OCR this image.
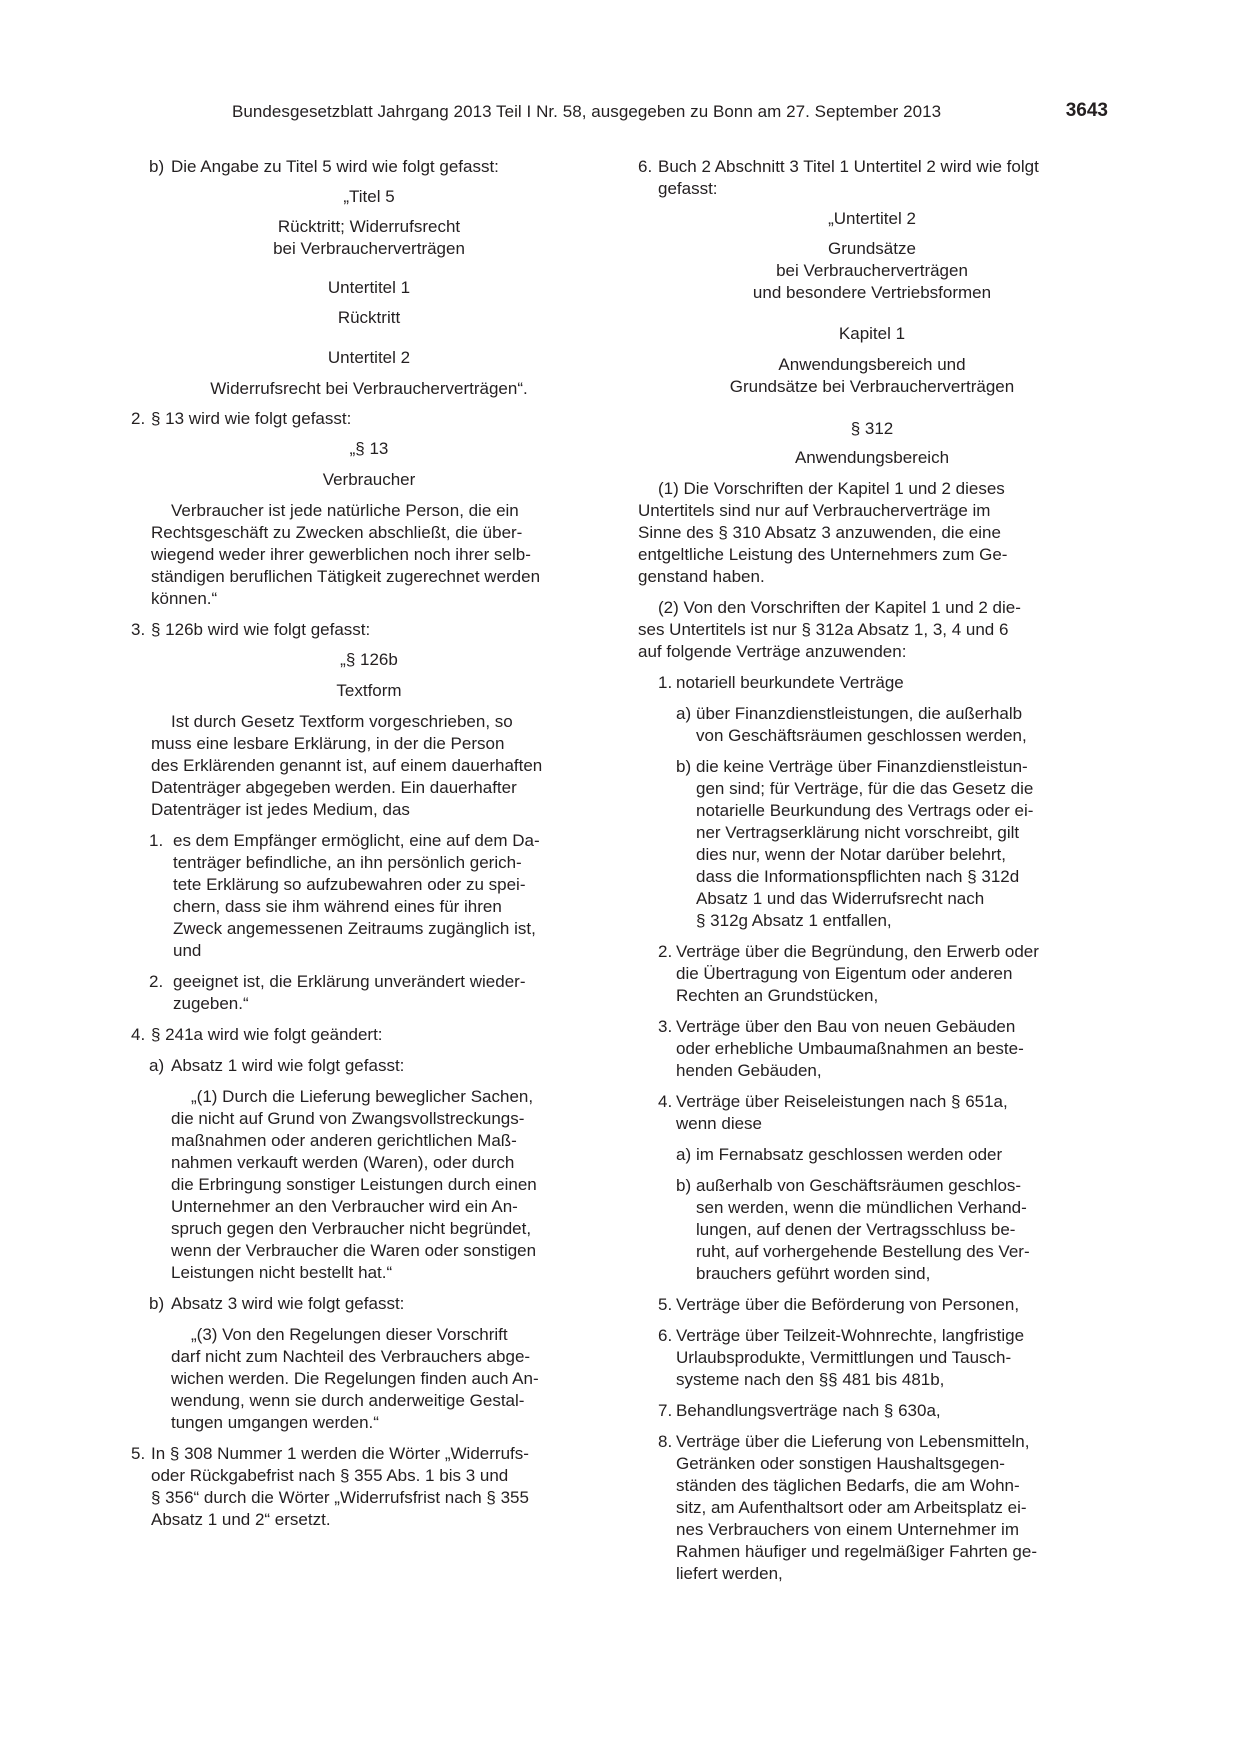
Bundesgesetzblatt Jahrgang 2013 Teil I Nr. 58, ausgegeben zu Bonn am 27. September 2013	3643
b) Die Angabe zu Titel 5 wird wie folgt gefasst:

„Titel 5

Rücktritt; Widerrufsrecht

bei Verbraucherverträgen

Untertitel 1

Rücktritt

Untertitel 2

Widerrufsrecht bei Verbraucherverträgen“.

2. § 13 wird wie folgt gefasst:

„§ 13

Verbraucher

Verbraucher ist jede natürliche Person, die ein

Rechtsgeschäft zu Zwecken abschließt, die über-

wiegend weder ihrer gewerblichen noch ihrer selb-

ständigen beruflichen Tätigkeit zugerechnet werden

können.“

3. § 126b wird wie folgt gefasst:

„§ 126b

Textform

Ist durch Gesetz Textform vorgeschrieben, so

muss eine lesbare Erklärung, in der die Person

des Erklärenden genannt ist, auf einem dauerhaften

Datenträger abgegeben werden. Ein dauerhafter

Datenträger ist jedes Medium, das

1. es dem Empfänger ermöglicht, eine auf dem Da-

tenträger befindliche, an ihn persönlich gerich-

tete Erklärung so aufzubewahren oder zu spei-

chern, dass sie ihm während eines für ihren

Zweck angemessenen Zeitraums zugänglich ist,

und

2. geeignet ist, die Erklärung unverändert wieder-

zugeben.“

4. § 241a wird wie folgt geändert:

a) Absatz 1 wird wie folgt gefasst:

„(1) Durch die Lieferung beweglicher Sachen,

die nicht auf Grund von Zwangsvollstreckungs-

maßnahmen oder anderen gerichtlichen Maß-

nahmen verkauft werden (Waren), oder durch

die Erbringung sonstiger Leistungen durch einen

Unternehmer an den Verbraucher wird ein An-

spruch gegen den Verbraucher nicht begründet,

wenn der Verbraucher die Waren oder sonstigen

Leistungen nicht bestellt hat.“

b) Absatz 3 wird wie folgt gefasst:

„(3) Von den Regelungen dieser Vorschrift

darf nicht zum Nachteil des Verbrauchers abge-

wichen werden. Die Regelungen finden auch An-

wendung, wenn sie durch anderweitige Gestal-

tungen umgangen werden.“

5. In § 308 Nummer 1 werden die Wörter „Widerrufs-

oder Rückgabefrist nach § 355 Abs. 1 bis 3 und

§ 356“ durch die Wörter „Widerrufsfrist nach § 355

Absatz 1 und 2“ ersetzt.

6. Buch 2 Abschnitt 3 Titel 1 Untertitel 2 wird wie folgt

gefasst:

„Untertitel 2

Grundsätze

bei Verbraucherverträgen

und besondere Vertriebsformen

Kapitel 1

Anwendungsbereich und

Grundsätze bei Verbraucherverträgen

§ 312

Anwendungsbereich

(1) Die Vorschriften der Kapitel 1 und 2 dieses

Untertitels sind nur auf Verbraucherverträge im

Sinne des § 310 Absatz 3 anzuwenden, die eine

entgeltliche Leistung des Unternehmers zum Ge-

genstand haben.

(2) Von den Vorschriften der Kapitel 1 und 2 die-

ses Untertitels ist nur § 312a Absatz 1, 3, 4 und 6

auf folgende Verträge anzuwenden:

1. notariell beurkundete Verträge

a) über Finanzdienstleistungen, die außerhalb

von Geschäftsräumen geschlossen werden,

b) die keine Verträge über Finanzdienstleistun-

gen sind; für Verträge, für die das Gesetz die

notarielle Beurkundung des Vertrags oder ei-

ner Vertragserklärung nicht vorschreibt, gilt

dies nur, wenn der Notar darüber belehrt,

dass die Informationspflichten nach § 312d

Absatz 1 und das Widerrufsrecht nach

§ 312g Absatz 1 entfallen,

2. Verträge über die Begründung, den Erwerb oder

die Übertragung von Eigentum oder anderen

Rechten an Grundstücken,

3. Verträge über den Bau von neuen Gebäuden

oder erhebliche Umbaumaßnahmen an beste-

henden Gebäuden,

4. Verträge über Reiseleistungen nach § 651a,

wenn diese

a) im Fernabsatz geschlossen werden oder

b) außerhalb von Geschäftsräumen geschlos-

sen werden, wenn die mündlichen Verhand-

lungen, auf denen der Vertragsschluss be-

ruht, auf vorhergehende Bestellung des Ver-

brauchers geführt worden sind,

5. Verträge über die Beförderung von Personen,

6. Verträge über Teilzeit-Wohnrechte, langfristige

Urlaubsprodukte, Vermittlungen und Tausch-

systeme nach den §§ 481 bis 481b,

7. Behandlungsverträge nach § 630a,

8. Verträge über die Lieferung von Lebensmitteln,

Getränken oder sonstigen Haushaltsgegen-

ständen des täglichen Bedarfs, die am Wohn-

sitz, am Aufenthaltsort oder am Arbeitsplatz ei-

nes Verbrauchers von einem Unternehmer im

Rahmen häufiger und regelmäßiger Fahrten ge-

liefert werden,
